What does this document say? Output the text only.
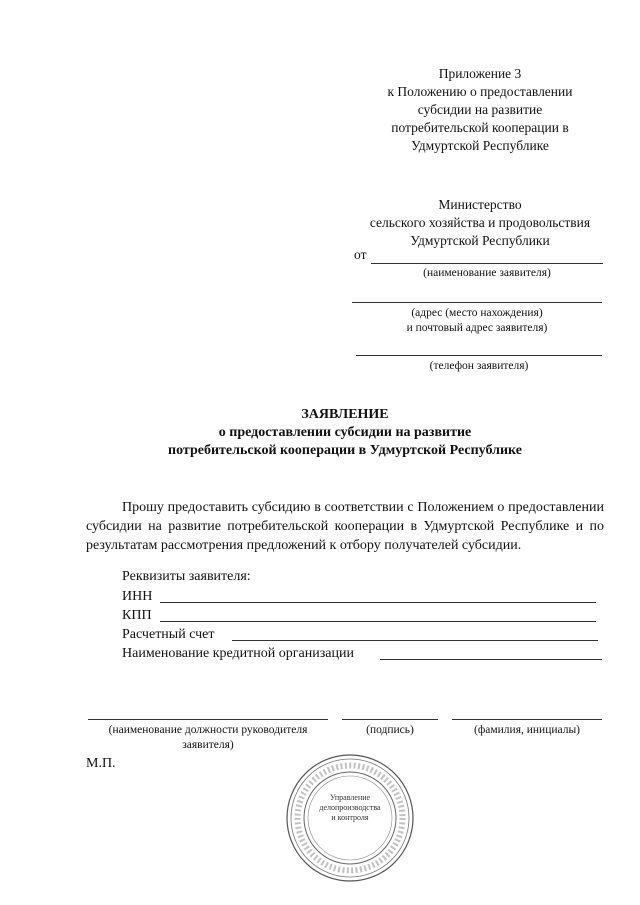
Приложение 3
к Положению о предоставлении
субсидии на развитие
потребительской кооперации в
Удмуртской Республике
Министерство
сельского хозяйства и продовольствия
Удмуртской Республики
от
(наименование заявителя)
(адрес (место нахождения)
и почтовый адрес заявителя)
(телефон заявителя)
ЗАЯВЛЕНИЕ
о предоставлении субсидии на развитие
потребительской кооперации в Удмуртской Республике

Прошу предоставить субсидию в соответствии с Положением о предоставлении субсидии на развитие потребительской кооперации в Удмуртской Республике и по результатам рассмотрения предложений к отбору получателей субсидии.

Реквизиты заявителя:
ИНН
КПП
Расчетный счет
Наименование кредитной организации
(наименование должности руководителя
заявителя)
(подпись)	(фамилия, инициалы)
М.П.
Управление
делопроизводства
и контроля
